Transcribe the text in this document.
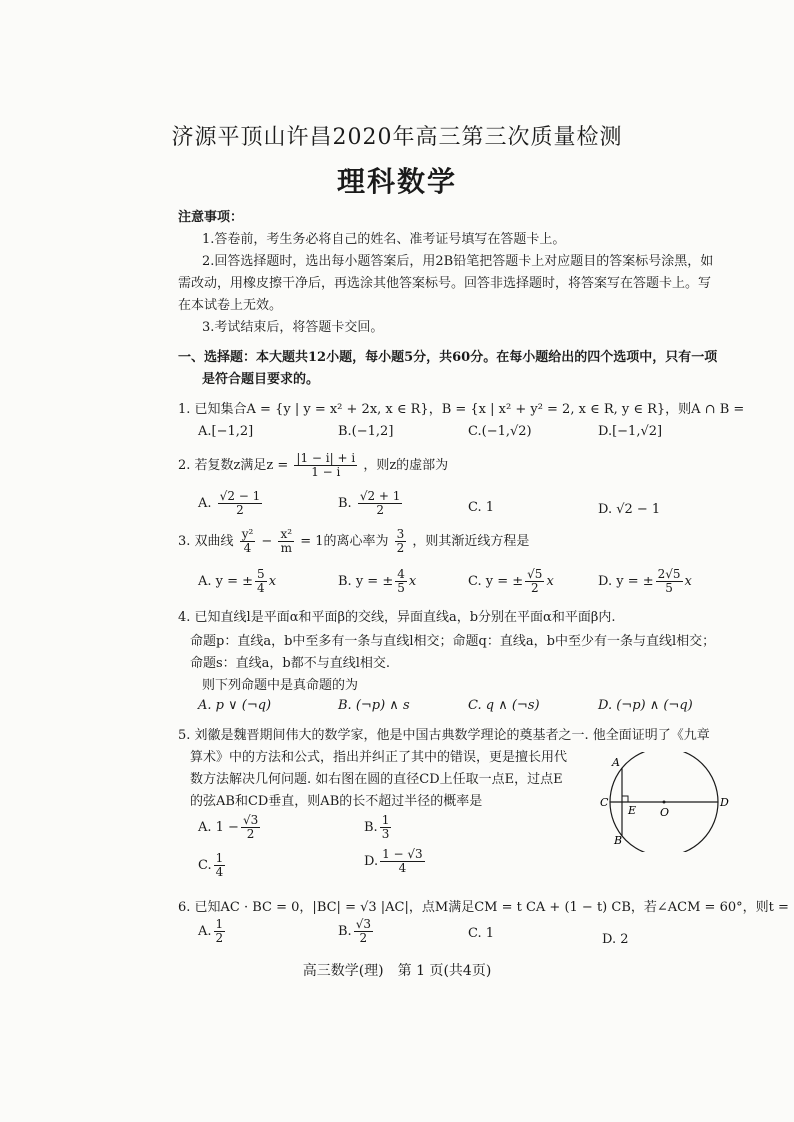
济源平顶山许昌2020年高三第三次质量检测
理科数学
注意事项：
1.答卷前，考生务必将自己的姓名、准考证号填写在答题卡上。
2.回答选择题时，选出每小题答案后，用2B铅笔把答题卡上对应题目的答案标号涂黑，如
需改动，用橡皮擦干净后，再选涂其他答案标号。回答非选择题时，将答案写在答题卡上。写
在本试卷上无效。
3.考试结束后，将答题卡交回。
一、选择题：本大题共12小题，每小题5分，共60分。在每小题给出的四个选项中，只有一项
是符合题目要求的。
1. 已知集合A = {y | y = x² + 2x, x ∈ R}，B = {x | x² + y² = 2, x ∈ R, y ∈ R}，则A ∩ B =
A.[−1,2]	B.(−1,2]	C.(−1,√2)	D.[−1,√2]
2. 若复数z满足$z = \frac{|1 - i| + i}{1 - i}$ ，则z的虚部为
A. $\frac{√2 - 1}{2}$	B. $\frac{√2 + 1}{2}$	C. 1	D. √2 − 1
3. 双曲线 $\frac{\text{y²}}{4} - \frac{\text{x²}}{m} = 1$的离心率为 $\frac{3}{2}$ ，则其渐近线方程是
A. y = ± $\frac{5}{4}$ x	B. y = ± $\frac{4}{5}$ x	C. y = ± $\frac{√5}{2}$ x	D. y = ± $\frac{2√5}{5}$ x
4. 已知直线l是平面α和平面β的交线，异面直线a，b分别在平面α和平面β内.
命题p：直线a，b中至多有一条与直线l相交；命题q：直线a，b中至少有一条与直线l相交；
命题s：直线a，b都不与直线l相交.
则下列命题中是真命题的为
A. p ∨ (¬q)	B. (¬p) ∧ s	C. q ∧ (¬s)	D. (¬p) ∧ (¬q)
5. 刘徽是魏晋期间伟大的数学家，他是中国古典数学理论的奠基者之一. 他全面证明了《九章
算术》中的方法和公式，指出并纠正了其中的错误，更是擅长用代
数方法解决几何问题. 如右图在圆的直径CD上任取一点E，过点E
的弦AB和CD垂直，则AB的长不超过半径的概率是
A. $1 - \frac{√3}{2}$	B. $\frac{1}{3}$
C. $\frac{1}{4}$	D. $\frac{1 - √3}{4}$
A
B
C	D
E O
6. 已知AC · BC = 0，|BC| = √3 |AC|，点M满足CM = t CA + (1 − t) CB，若∠ACM = 60°，则t =
A. $\frac{1}{2}$	B. $\frac{√3}{2}$	C. 1	D. 2
高三数学(理)　第 1 页(共4页)
